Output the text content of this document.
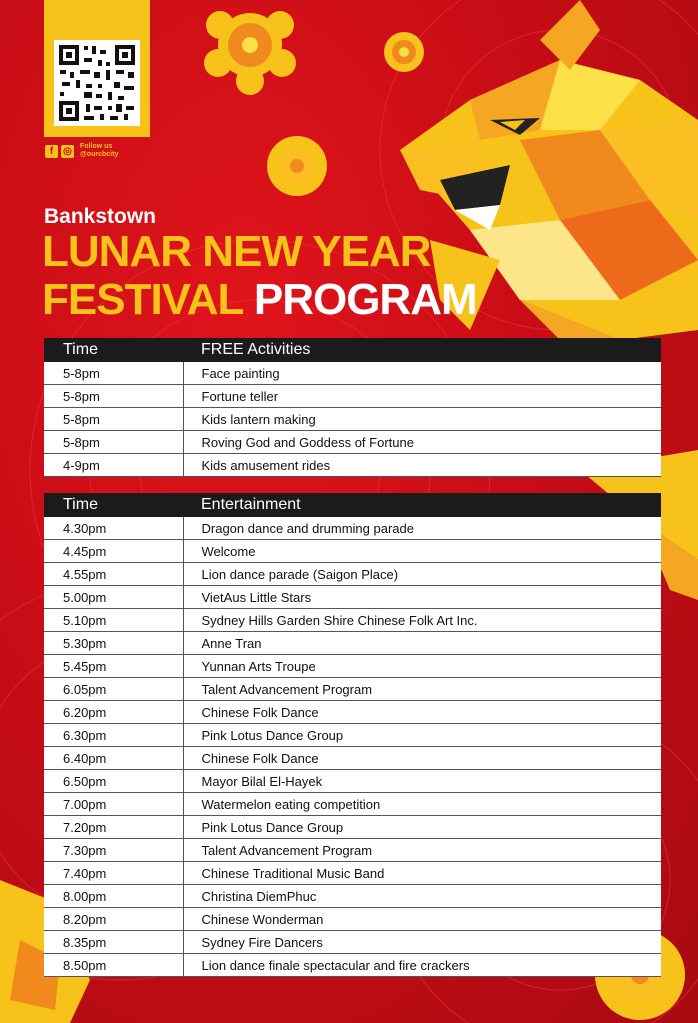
f ◎	Follow us
@ourcbcity
Bankstown
LUNAR NEW YEAR
FESTIVAL PROGRAM
Time	FREE Activities
5-8pm	Face painting
5-8pm	Fortune teller
5-8pm	Kids lantern making
5-8pm	Roving God and Goddess of Fortune
4-9pm	Kids amusement rides
Time	Entertainment
4.30pm	Dragon dance and drumming parade
4.45pm	Welcome
4.55pm	Lion dance parade (Saigon Place)
5.00pm	VietAus Little Stars
5.10pm	Sydney Hills Garden Shire Chinese Folk Art Inc.
5.30pm	Anne Tran
5.45pm	Yunnan Arts Troupe
6.05pm	Talent Advancement Program
6.20pm	Chinese Folk Dance
6.30pm	Pink Lotus Dance Group
6.40pm	Chinese Folk Dance
6.50pm	Mayor Bilal El-Hayek
7.00pm	Watermelon eating competition
7.20pm	Pink Lotus Dance Group
7.30pm	Talent Advancement Program
7.40pm	Chinese Traditional Music Band
8.00pm	Christina DiemPhuc
8.20pm	Chinese Wonderman
8.35pm	Sydney Fire Dancers
8.50pm	Lion dance finale spectacular and fire crackers
